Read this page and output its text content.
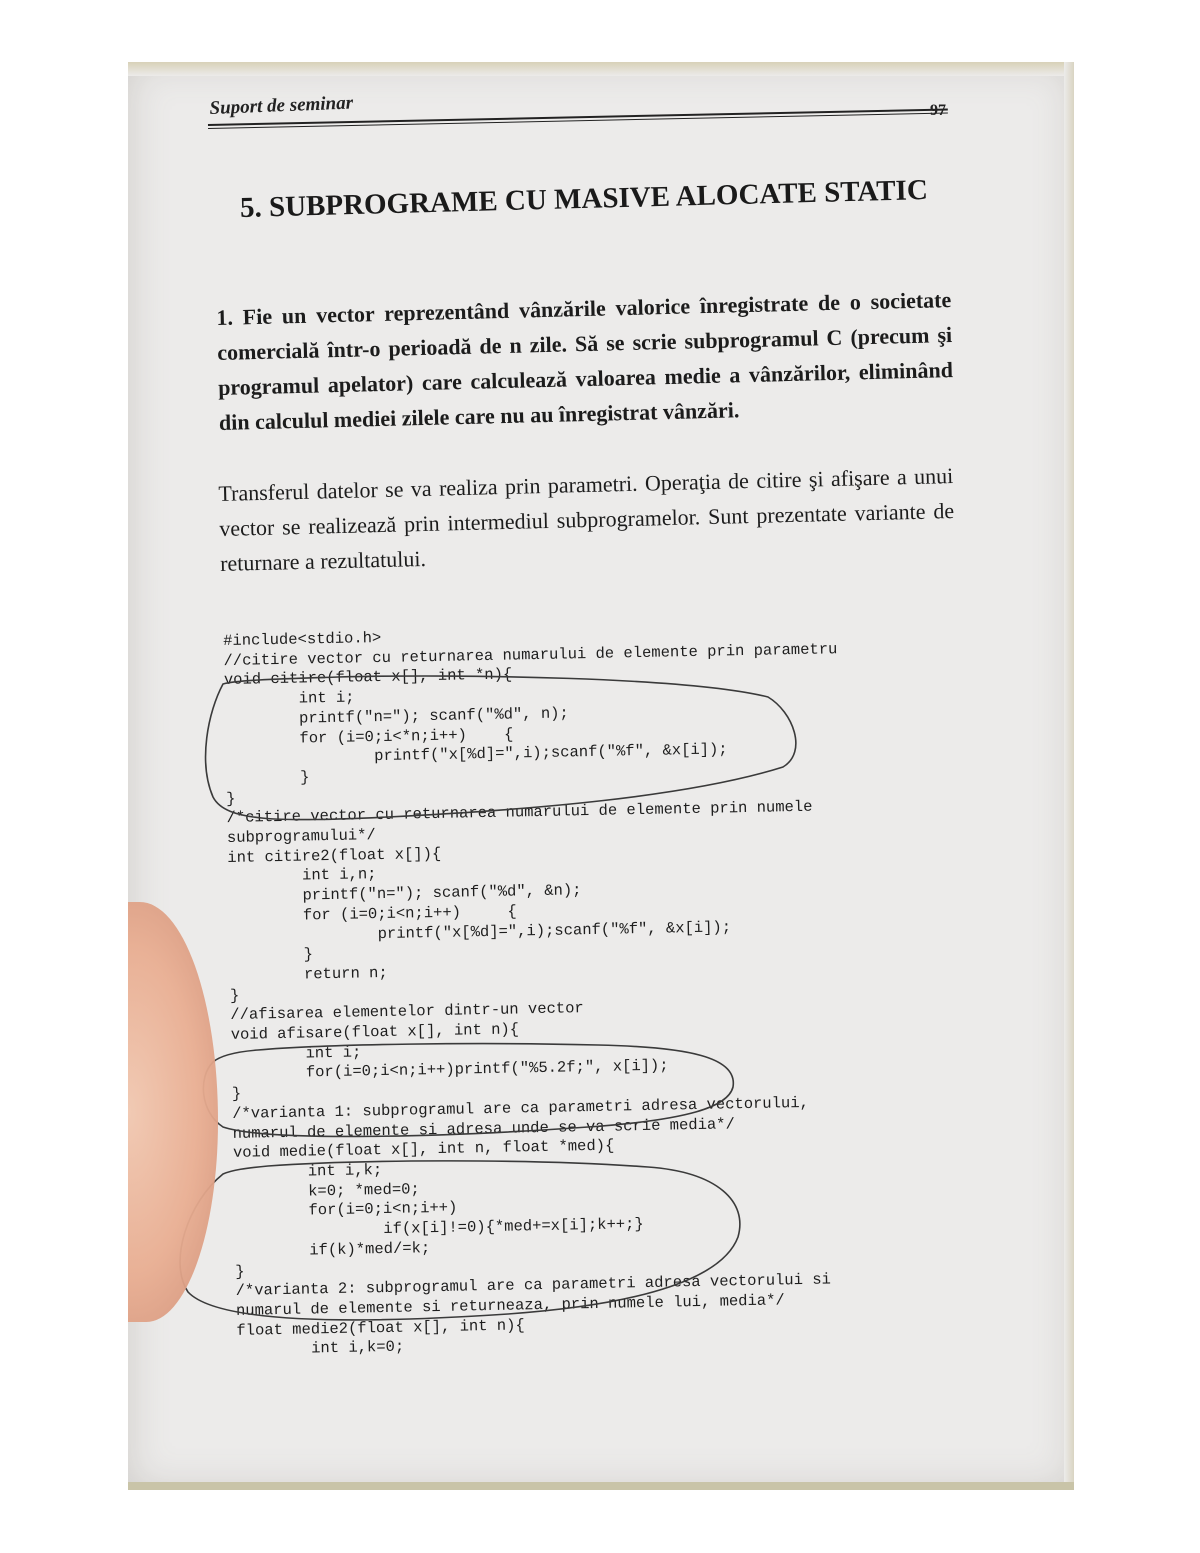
Suport de seminar	97
5. SUBPROGRAME CU MASIVE ALOCATE STATIC
1. Fie un vector reprezentând vânzările valorice înregistrate de o societate comercială într-o perioadă de n zile. Să se scrie subprogramul C (precum şi programul apelator) care calculează valoarea medie a vânzărilor, eliminând din calculul mediei zilele care nu au înregistrat vânzări.
Transferul datelor se va realiza prin parametri. Operaţia de citire şi afişare a unui vector se realizează prin intermediul subprogramelor. Sunt prezentate variante de returnare a rezultatului.
#include<stdio.h>
//citire vector cu returnarea numarului de elemente prin parametru
void citire(float x[], int *n){
int i;
printf("n="); scanf("%d", n);
for (i=0;i<*n;i++)    {
printf("x[%d]=",i);scanf("%f", &x[i]);
}
}
/*citire vector cu returnarea numarului de elemente prin numele
subprogramului*/
int citire2(float x[]){
int i,n;
printf("n="); scanf("%d", &n);
for (i=0;i<n;i++)     {
printf("x[%d]=",i);scanf("%f", &x[i]);
}
return n;
}
//afisarea elementelor dintr-un vector
void afisare(float x[], int n){
int i;
for(i=0;i<n;i++)printf("%5.2f;", x[i]);
}
/*varianta 1: subprogramul are ca parametri adresa vectorului,
numarul de elemente si adresa unde se va scrie media*/
void medie(float x[], int n, float *med){
int i,k;
k=0; *med=0;
for(i=0;i<n;i++)
if(x[i]!=0){*med+=x[i];k++;}
if(k)*med/=k;
}
/*varianta 2: subprogramul are ca parametri adresa vectorului si
numarul de elemente si returneaza, prin numele lui, media*/
float medie2(float x[], int n){
int i,k=0;
